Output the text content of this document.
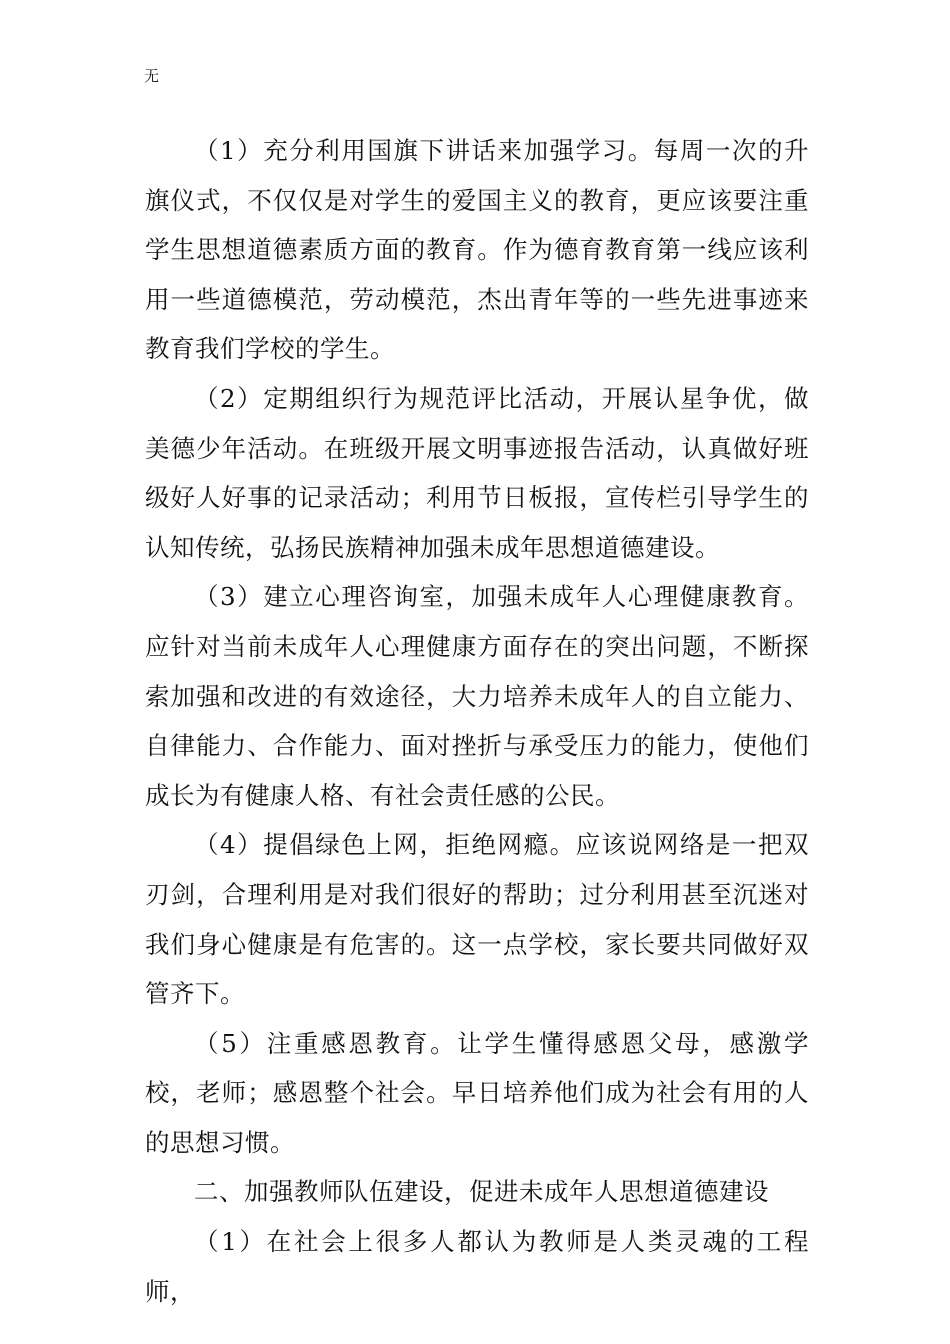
无

（1）充分利用国旗下讲话来加强学习。每周一次的升旗仪式，不仅仅是对学生的爱国主义的教育，更应该要注重学生思想道德素质方面的教育。作为德育教育第一线应该利用一些道德模范，劳动模范，杰出青年等的一些先进事迹来教育我们学校的学生。

（2）定期组织行为规范评比活动，开展认星争优，做美德少年活动。在班级开展文明事迹报告活动，认真做好班级好人好事的记录活动；利用节日板报，宣传栏引导学生的认知传统，弘扬民族精神加强未成年思想道德建设。

（3）建立心理咨询室，加强未成年人心理健康教育。应针对当前未成年人心理健康方面存在的突出问题，不断探索加强和改进的有效途径，大力培养未成年人的自立能力、自律能力、合作能力、面对挫折与承受压力的能力，使他们成长为有健康人格、有社会责任感的公民。

（4）提倡绿色上网，拒绝网瘾。应该说网络是一把双刃剑，合理利用是对我们很好的帮助；过分利用甚至沉迷对我们身心健康是有危害的。这一点学校，家长要共同做好双管齐下。

（5）注重感恩教育。让学生懂得感恩父母，感激学校，老师；感恩整个社会。早日培养他们成为社会有用的人的思想习惯。

二、加强教师队伍建设，促进未成年人思想道德建设

（1）在社会上很多人都认为教师是人类灵魂的工程师，
